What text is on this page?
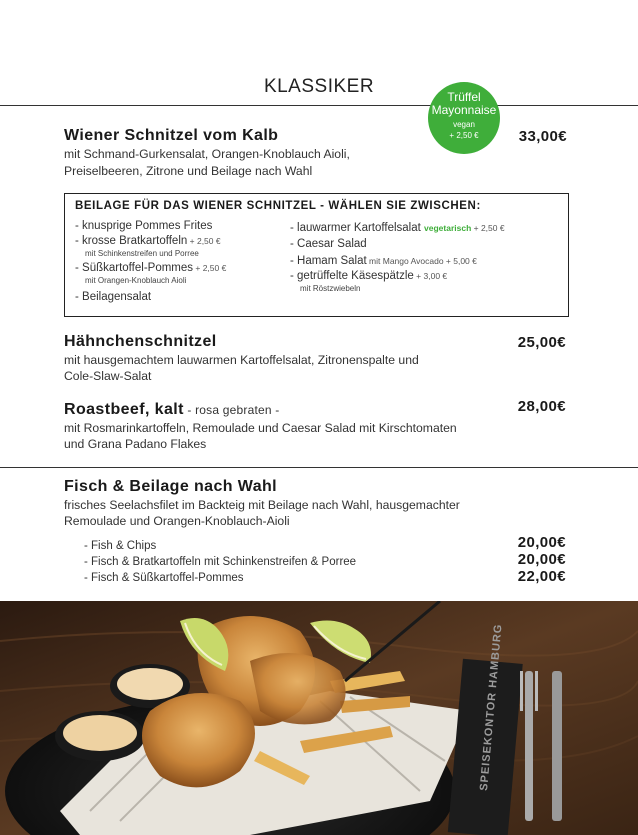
KLASSIKER	Trüffel
Mayonnaise
vegan
+ 2,50 €
Wiener Schnitzel vom Kalb	33,00€
mit Schmand-Gurkensalat, Orangen-Knoblauch Aioli,
Preiselbeeren, Zitrone und Beilage nach Wahl
BEILAGE FÜR DAS WIENER SCHNITZEL - WÄHLEN SIE ZWISCHEN:
- knusprige Pommes Frites
- krosse Bratkartoffeln + 2,50 €
mit Schinkenstreifen und Porree
- Süßkartoffel-Pommes + 2,50 €
mit Orangen-Knoblauch Aioli
- Beilagensalat
- lauwarmer Kartoffelsalat vegetarisch + 2,50 €
- Caesar Salad
- Hamam Salat mit Mango Avocado + 5,00 €
- getrüffelte Käsespätzle + 3,00 €
mit Röstzwiebeln
Hähnchenschnitzel	25,00€
mit hausgemachtem lauwarmen Kartoffelsalat, Zitronenspalte und
Cole-Slaw-Salat
Roastbeef, kalt - rosa gebraten -	28,00€
mit Rosmarinkartoffeln, Remoulade und Caesar Salad mit Kirschtomaten
und Grana Padano Flakes
Fisch & Beilage nach Wahl
frisches Seelachsfilet im Backteig mit Beilage nach Wahl, hausgemachter
Remoulade und Orangen-Knoblauch-Aioli
- Fish & Chips	20,00€
- Fisch & Bratkartoffeln mit Schinkenstreifen & Porree	20,00€
- Fisch & Süßkartoffel-Pommes	22,00€
SPEISEKONTOR HAMBURG
